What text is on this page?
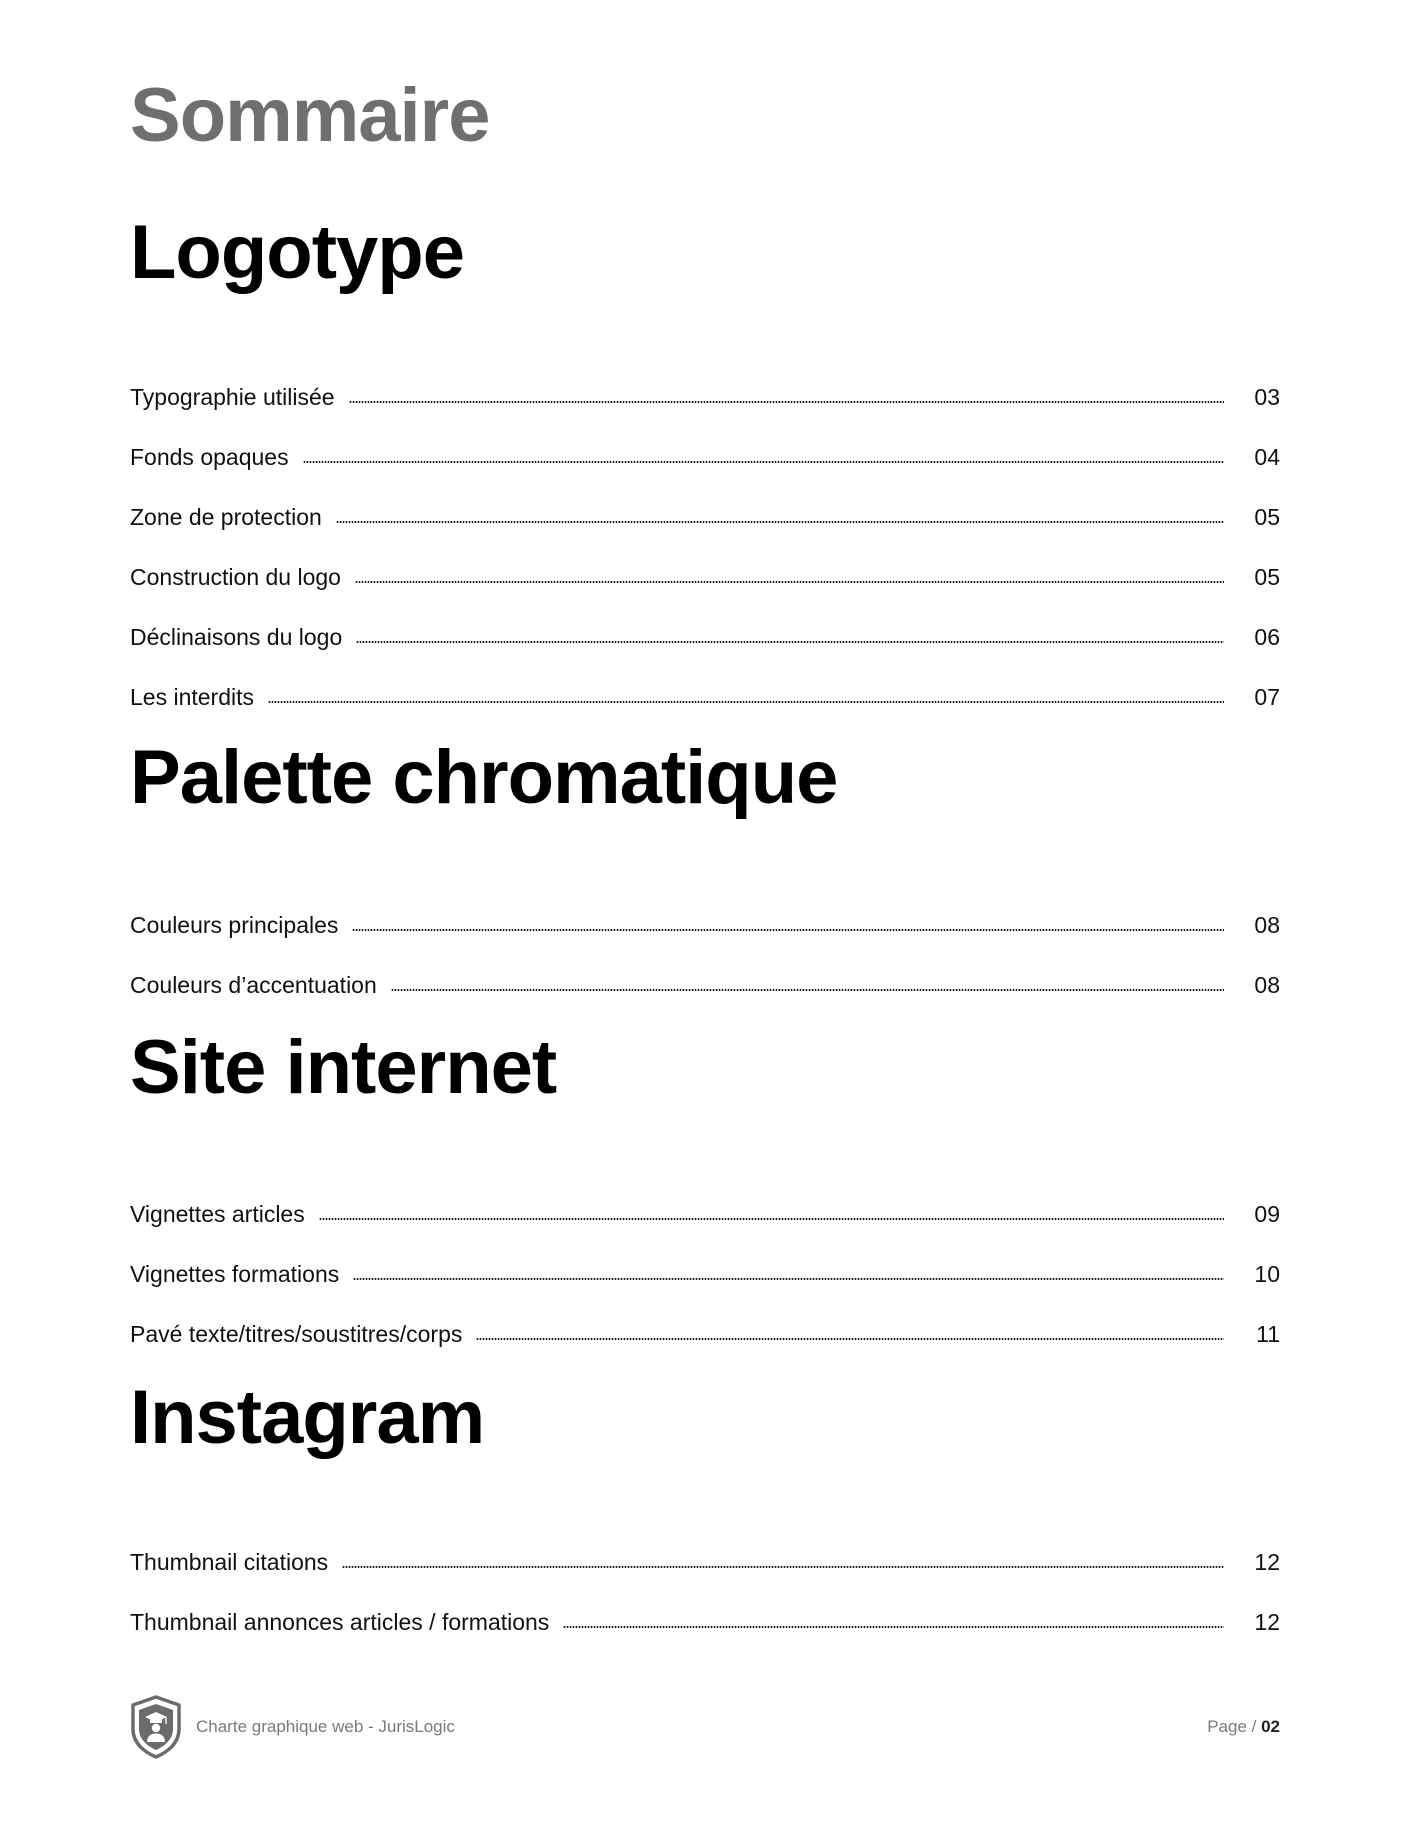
Sommaire
Logotype
Typographie utilisée	03
Fonds opaques	04
Zone de protection	05
Construction du logo	05
Déclinaisons du logo	06
Les interdits	07
Palette chromatique
Couleurs principales	08
Couleurs d’accentuation	08
Site internet
Vignettes articles	09
Vignettes formations	10
Pavé texte/titres/soustitres/corps	11
Instagram
Thumbnail citations	12
Thumbnail annonces articles / formations	12
Charte graphique web - JurisLogic	Page / 02
